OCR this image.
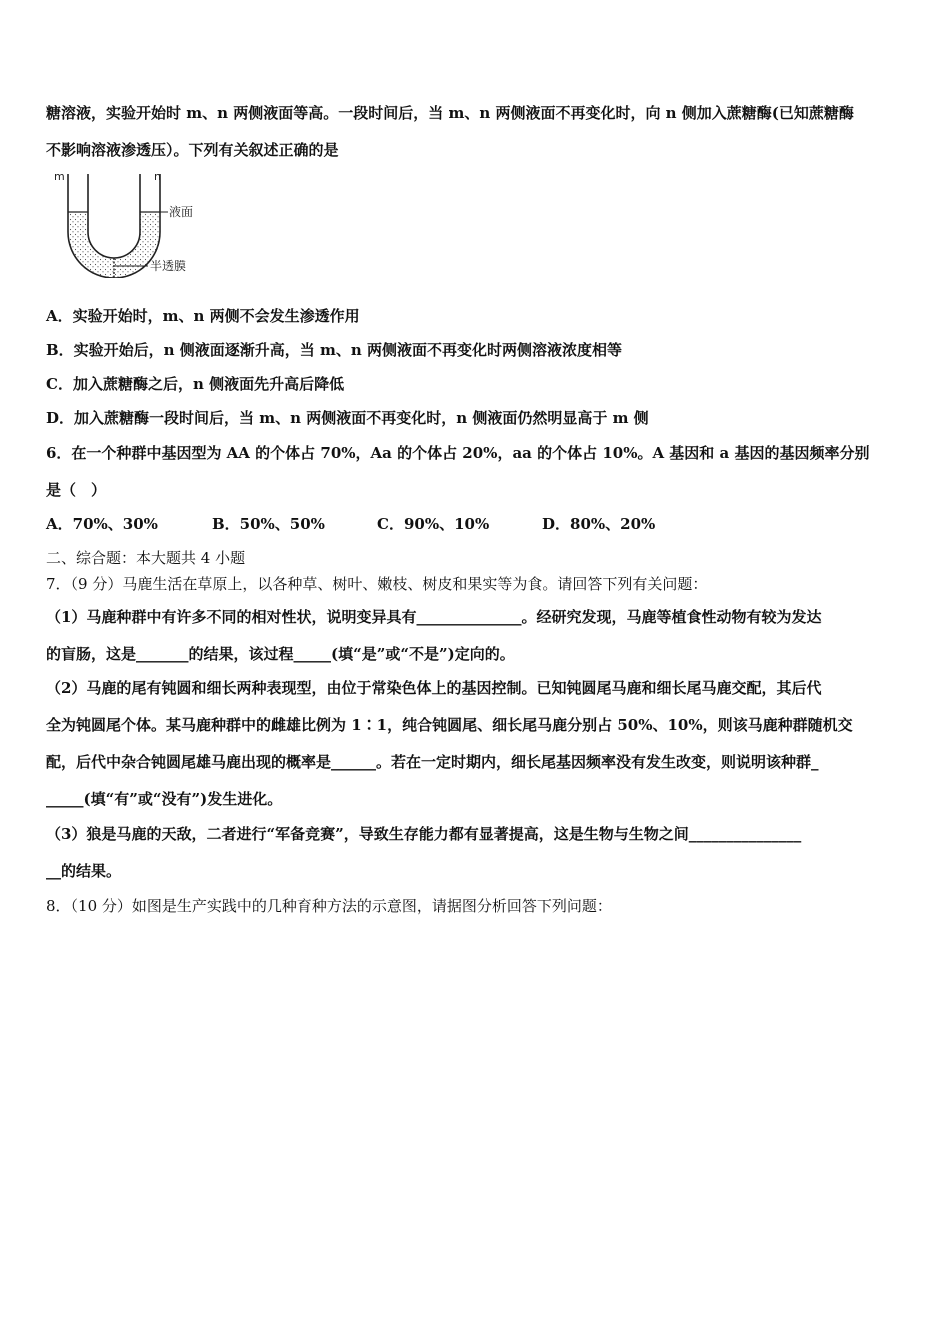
糖溶液，实验开始时 m、n 两侧液面等高。一段时间后，当 m、n 两侧液面不再变化时，向 n 侧加入蔗糖酶(已知蔗糖酶
不影响溶液渗透压）。下列有关叙述正确的是
m	n
液面
半透膜
A．实验开始时，m、n 两侧不会发生渗透作用
B．实验开始后，n 侧液面逐渐升高，当 m、n 两侧液面不再变化时两侧溶液浓度相等
C．加入蔗糖酶之后，n 侧液面先升高后降低
D．加入蔗糖酶一段时间后，当 m、n 两侧液面不再变化时，n 侧液面仍然明显高于 m 侧
6．在一个种群中基因型为 AA 的个体占 70%，Aa 的个体占 20%，aa 的个体占 10%。A 基因和 a 基因的基因频率分别
是（　）
A．70%、30%	B．50%、50%	C．90%、10%	D．80%、20%
二、综合题：本大题共 4 小题
7．（9 分）马鹿生活在草原上，以各种草、树叶、嫩枝、树皮和果实等为食。请回答下列有关问题：
（1）马鹿种群中有许多不同的相对性状，说明变异具有______________。经研究发现，马鹿等植食性动物有较为发达
的盲肠，这是_______的结果，该过程_____(填“是”或“不是”)定向的。
（2）马鹿的尾有钝圆和细长两种表现型，由位于常染色体上的基因控制。已知钝圆尾马鹿和细长尾马鹿交配，其后代
全为钝圆尾个体。某马鹿种群中的雌雄比例为 1∶1，纯合钝圆尾、细长尾马鹿分别占 50%、10%，则该马鹿种群随机交
配，后代中杂合钝圆尾雄马鹿出现的概率是______。若在一定时期内，细长尾基因频率没有发生改变，则说明该种群_
_____(填“有”或“没有”)发生进化。
（3）狼是马鹿的天敌，二者进行“军备竞赛”，导致生存能力都有显著提高，这是生物与生物之间_______________
__的结果。
8．（10 分）如图是生产实践中的几种育种方法的示意图，请据图分析回答下列问题：
